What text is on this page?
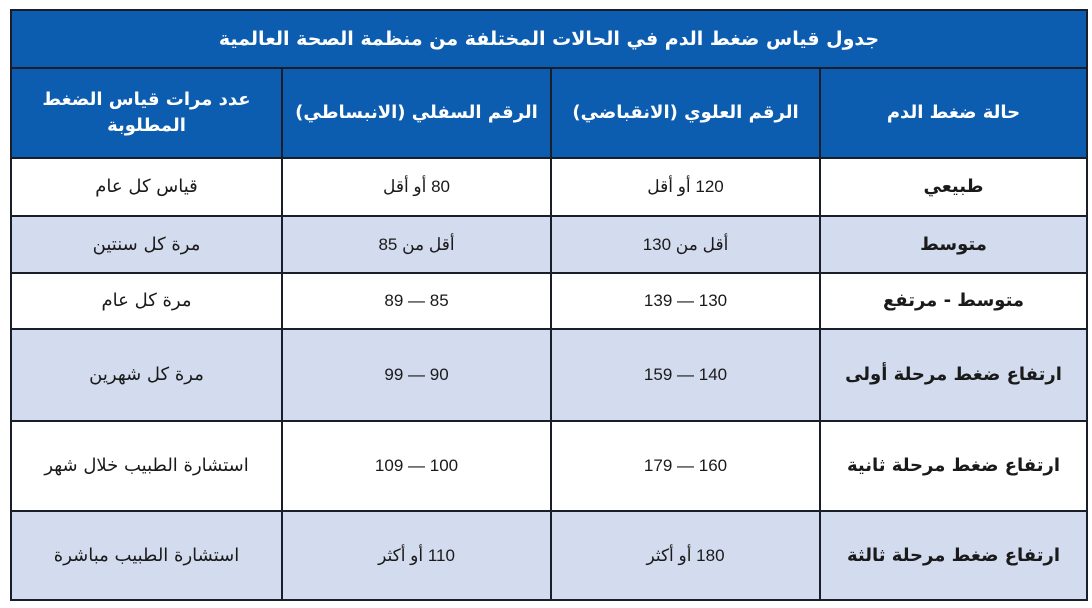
جدول قياس ضغط الدم في الحالات المختلفة من منظمة الصحة العالمية
حالة ضغط الدم
الرقم العلوي (الانقباضي)
الرقم السفلي (الانبساطي)
عدد مرات قياس الضغط المطلوبة
طبيعي
120 أو أقل
80 أو أقل
قياس كل عام
متوسط
أقل من 130
أقل من 85
مرة كل سنتين
متوسط - مرتفع
130 — 139
85 — 89
مرة كل عام
ارتفاع ضغط مرحلة أولى
140 — 159
90 — 99
مرة كل شهرين
ارتفاع ضغط مرحلة ثانية
160 — 179
100 — 109
استشارة الطبيب خلال شهر
ارتفاع ضغط مرحلة ثالثة
180 أو أكثر
110 أو أكثر
استشارة الطبيب مباشرة
